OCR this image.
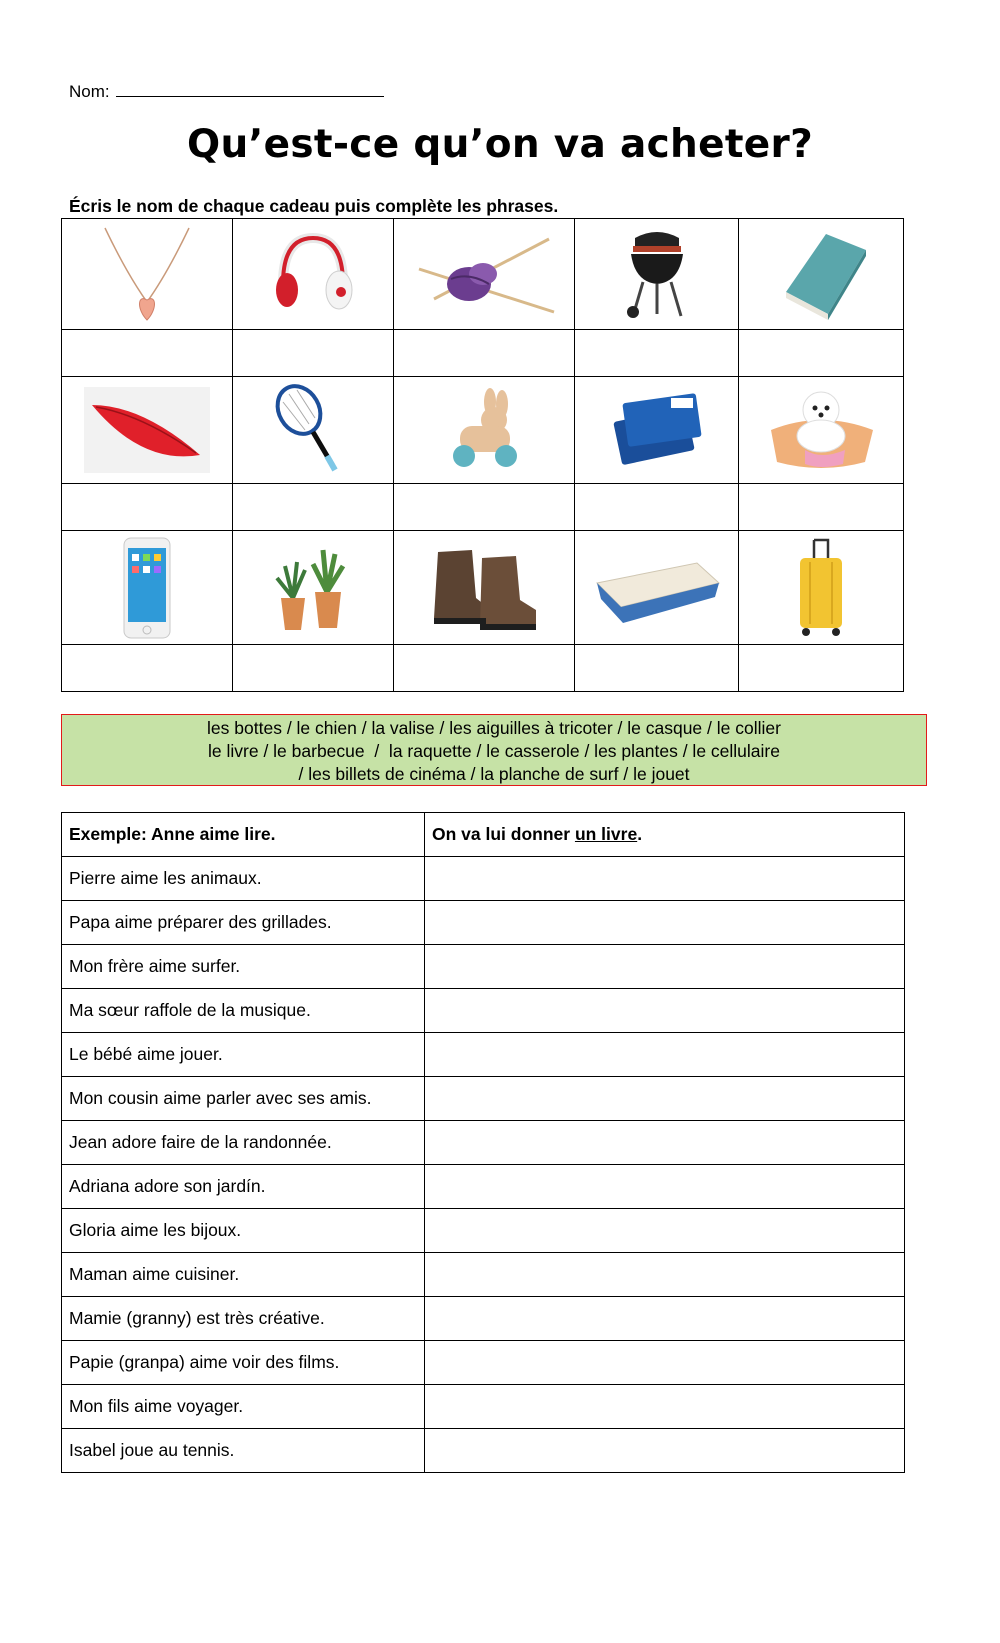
Nom:
Qu’est-ce qu’on va acheter?
Écris le nom de chaque cadeau puis complète les phrases.

les bottes / le chien / la valise / les aiguilles à tricoter / le casque / le collier
le livre / le barbecue  /  la raquette / le casserole / les plantes / le cellulaire
/ les billets de cinéma / la planche de surf / le jouet
Exemple: Anne aime lire.	On va lui donner un livre.
Pierre aime les animaux.	
Papa aime préparer des grillades.	
Mon frère aime surfer.	
Ma sœur raffole de la musique.	
Le bébé aime jouer.	
Mon cousin aime parler avec ses amis.	
Jean adore faire de la randonnée.	
Adriana adore son jardín.	
Gloria aime les bijoux.	
Maman aime cuisiner.	
Mamie (granny) est très créative.	
Papie (granpa) aime voir des films.	
Mon fils aime voyager.	
Isabel joue au tennis.	
